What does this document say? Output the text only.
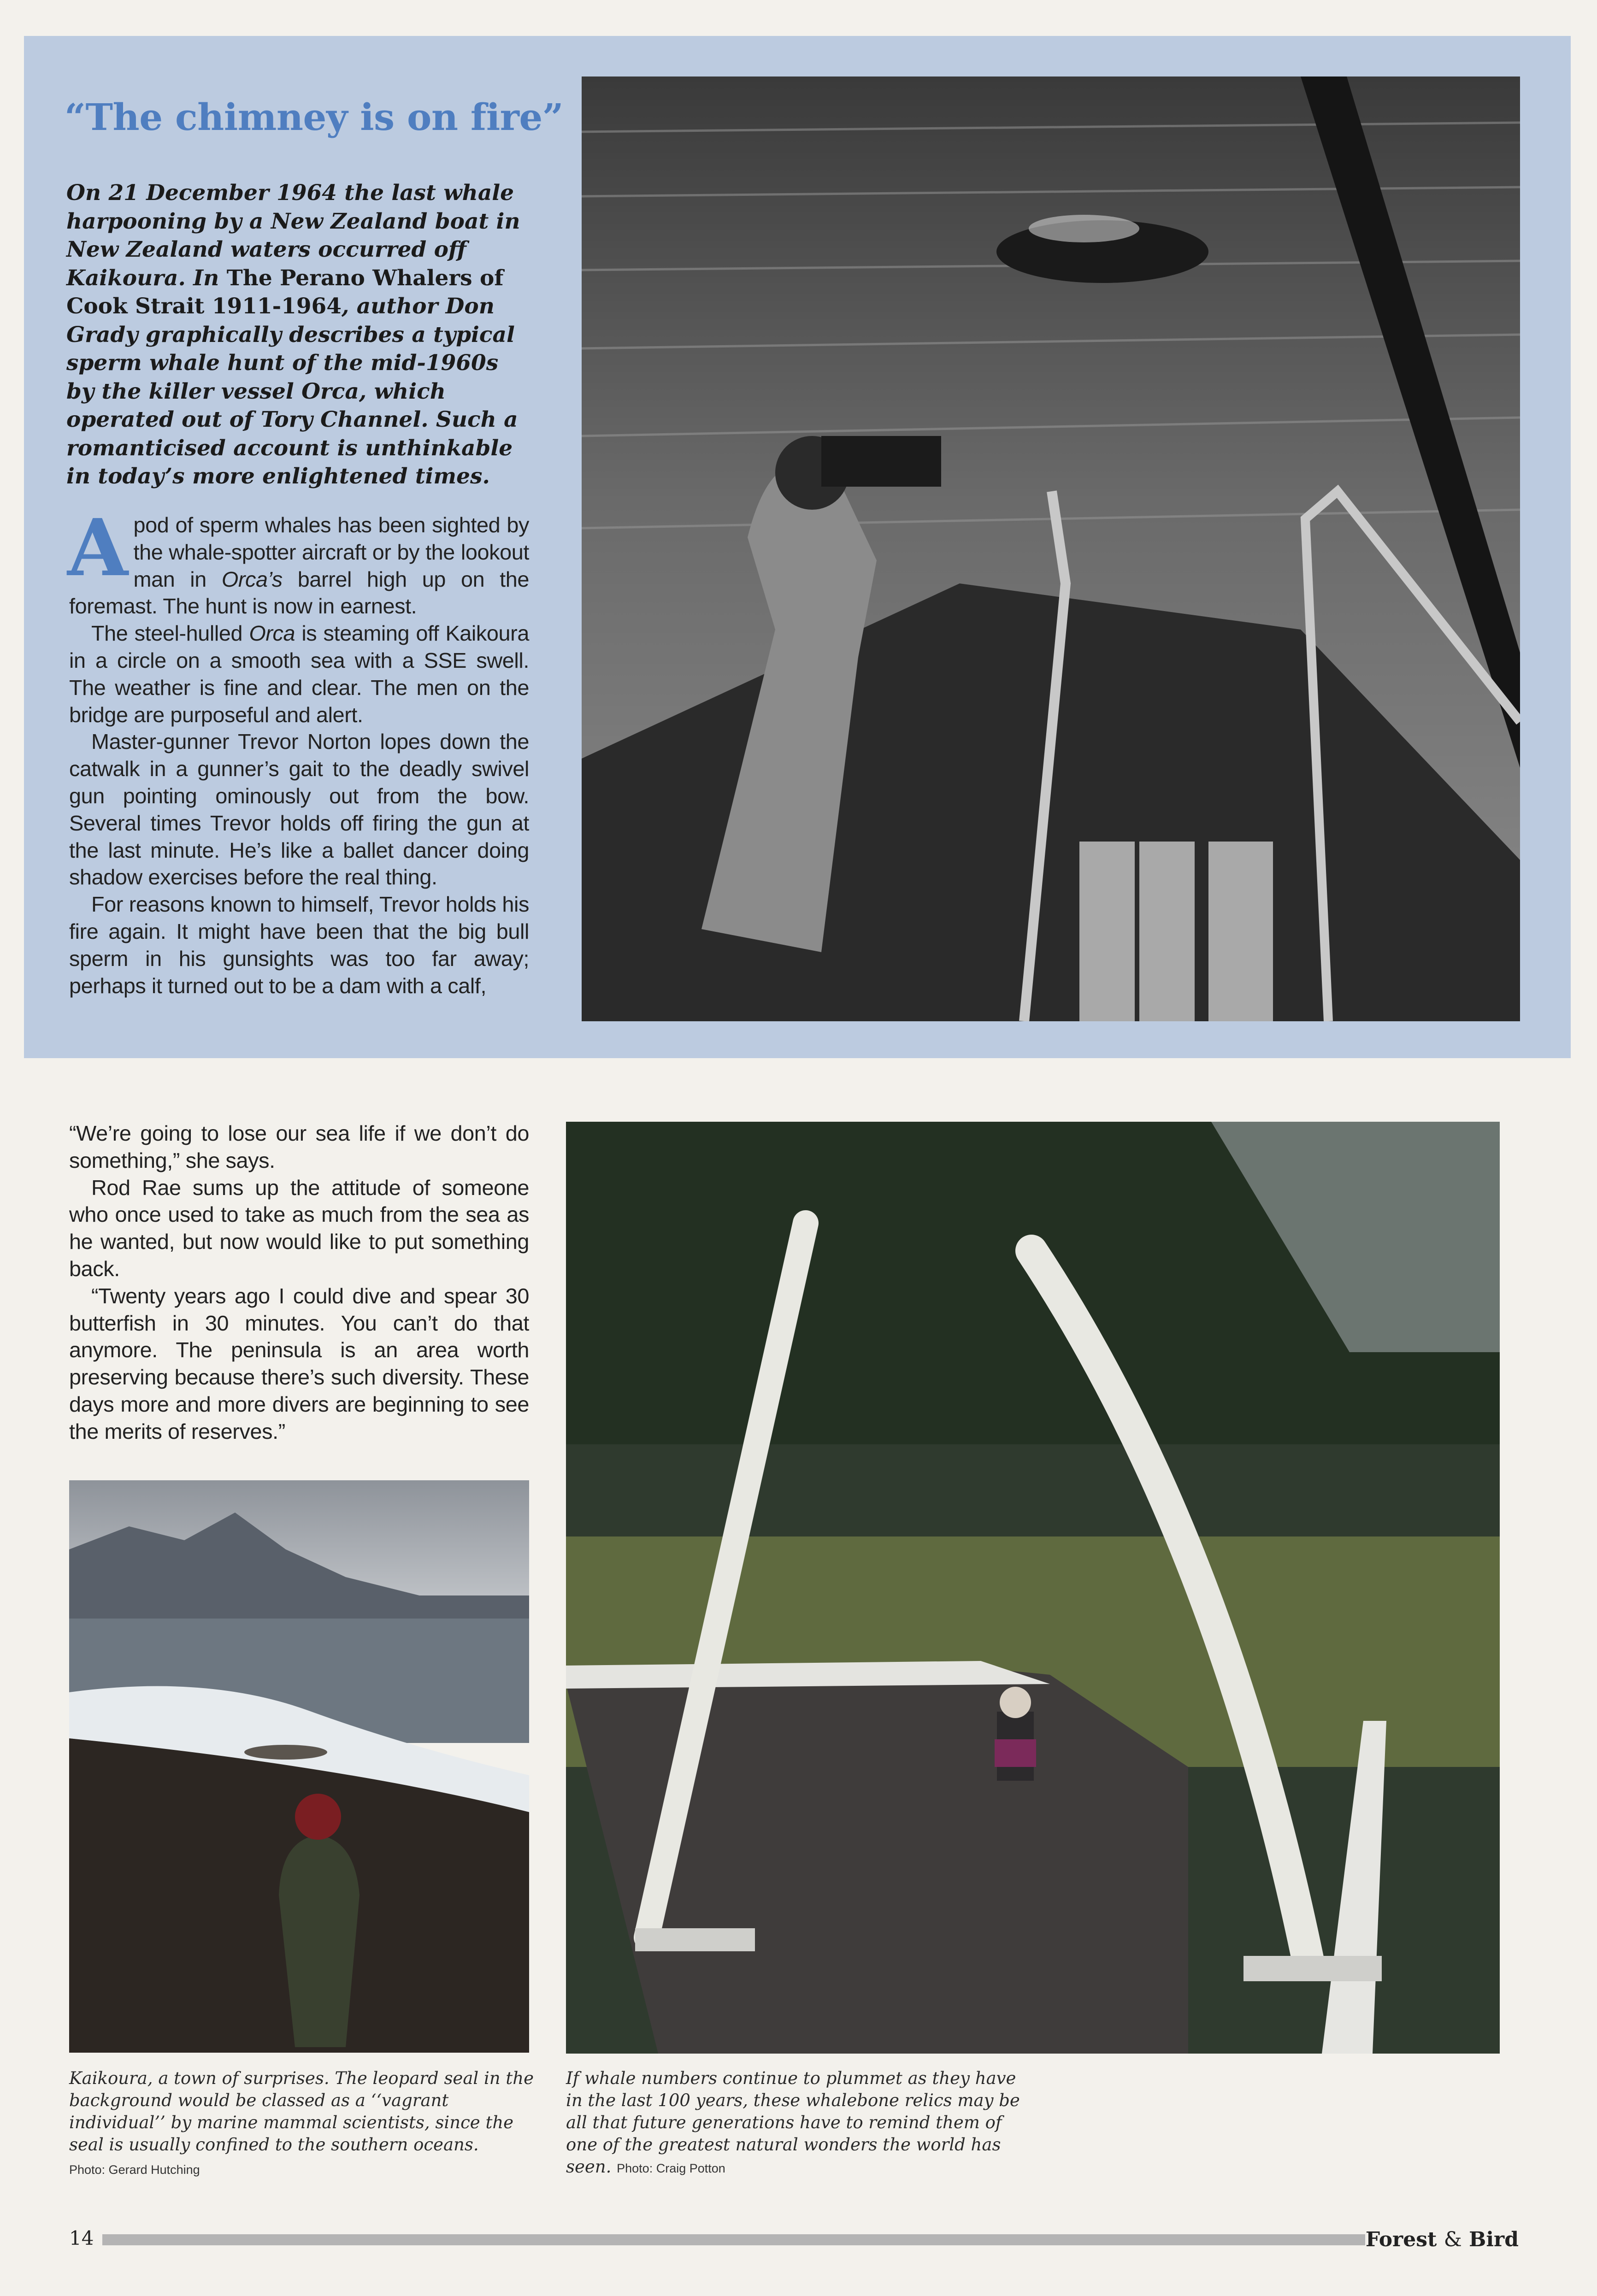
“The chimney is on fire”

On 21 December 1964 the last whale harpooning by a New Zealand boat in New Zealand waters occurred off Kaikoura. In The Perano Whalers of Cook Strait 1911-1964, author Don Grady graphically describes a typical sperm whale hunt of the mid-1960s by the killer vessel Orca, which operated out of Tory Channel. Such a romanticised account is unthinkable in today’s more enlightened times.

Apod of sperm whales has been sighted by the whale-spotter aircraft or by the lookout man in Orca’s barrel high up on the foremast. The hunt is now in earnest.

The steel-hulled Orca is steaming off Kaikoura in a circle on a smooth sea with a SSE swell. The weather is fine and clear. The men on the bridge are purposeful and alert.

Master-gunner Trevor Norton lopes down the catwalk in a gunner’s gait to the deadly swivel gun pointing ominously out from the bow. Several times Trevor holds off firing the gun at the last minute. He’s like a ballet dancer doing shadow exercises before the real thing.

For reasons known to himself, Trevor holds his fire again. It might have been that the big bull sperm in his gunsights was too far away; perhaps it turned out to be a dam with a calf,

“We’re going to lose our sea life if we don’t do something,” she says.

Rod Rae sums up the attitude of someone who once used to take as much from the sea as he wanted, but now would like to put something back.

“Twenty years ago I could dive and spear 30 butterfish in 30 minutes. You can’t do that anymore. The peninsula is an area worth preserving because there’s such diversity. These days more and more divers are beginning to see the merits of reserves.”

Kaikoura, a town of surprises. The leopard seal in the background would be classed as a ‘‘vagrant individual’’ by marine mammal scientists, since the seal is usually confined to the southern oceans.
Photo: Gerard Hutching

If whale numbers continue to plummet as they have in the last 100 years, these whalebone relics may be all that future generations have to remind them of one of the greatest natural wonders the world has seen. Photo: Craig Potton

14	Forest & Bird
